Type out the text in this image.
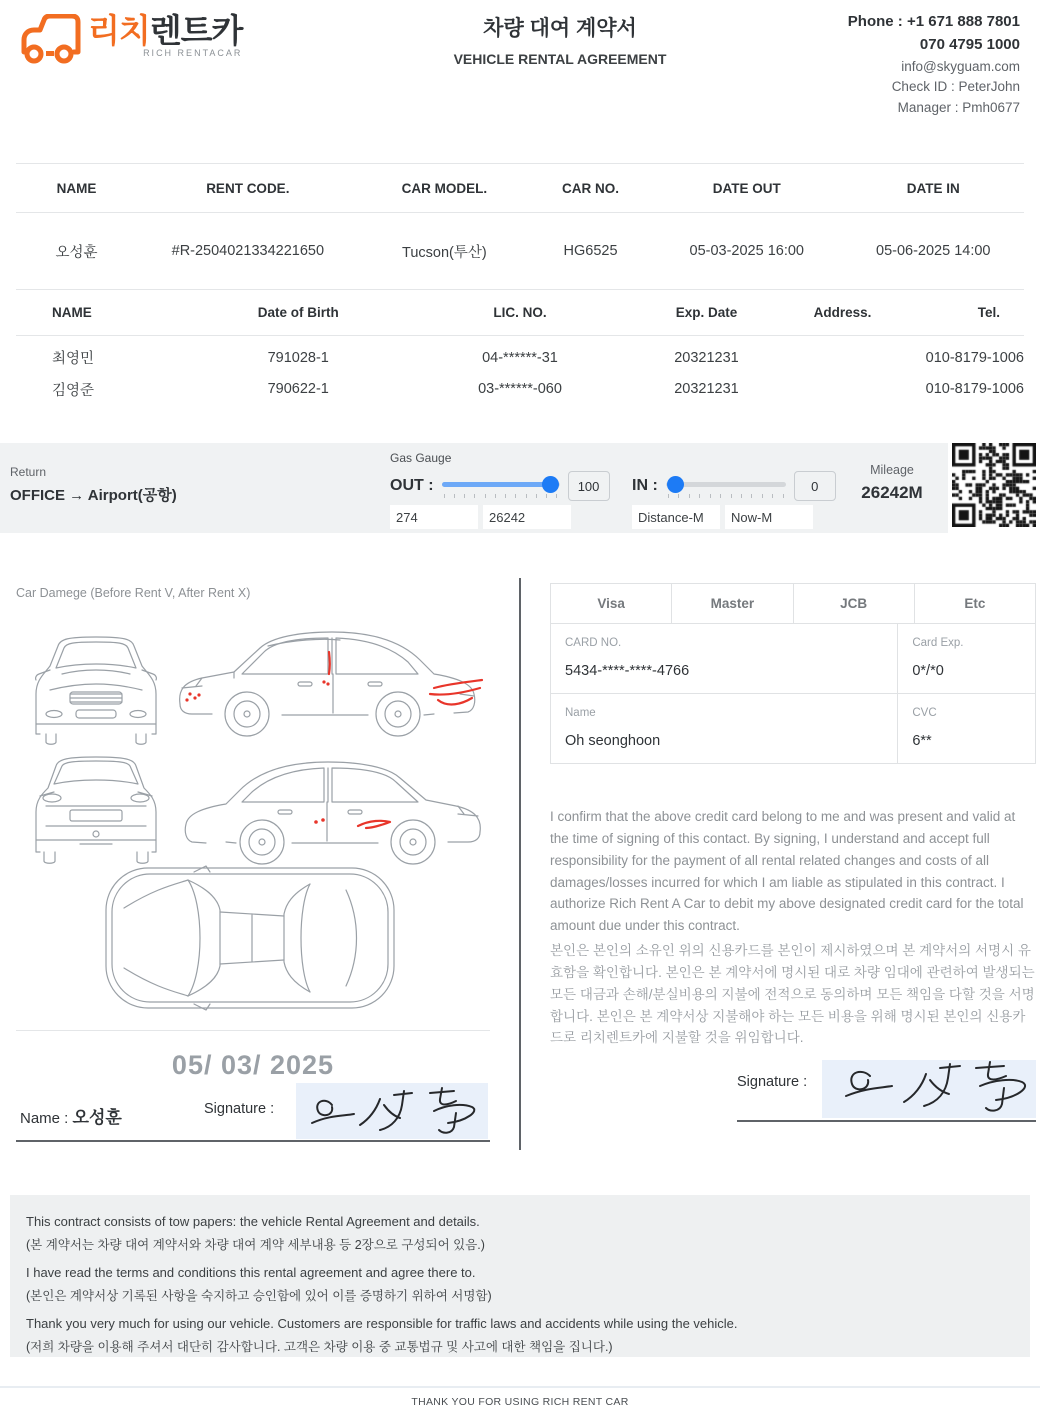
리치렌트카
RICH RENTACAR
차량 대여 계약서
VEHICLE RENTAL AGREEMENT
Phone : +1 671 888 7801
070 4795 1000
info@skyguam.com
Check ID : PeterJohn
Manager : Pmh0677
NAME	RENT CODE.	CAR MODEL.	CAR NO.	DATE OUT	DATE IN
오성훈	#R-2504021334221650	Tucson(투산)	HG6525	05-03-2025 16:00	05-06-2025 14:00
NAME	Date of Birth	LIC. NO.	Exp. Date	Address.	Tel.
최영민	791028-1	04-******-31	20321231		010-8179-1006
김영준	790622-1	03-******-060	20321231		010-8179-1006
Return
OFFICE → Airport(공항)
Gas Gauge
OUT :	100
274
26242	IN :	0
Distance-M
Now-M
Mileage
26242M
Car Damege (Before Rent V, After Rent X)
05/ 03/ 2025
Name : 오성훈	Signature :
Visa	Master	JCB	Etc
CARD NO.
5434-****-****-4766
Card Exp.
0*/*0
Name
Oh seonghoon
CVC
6**

I confirm that the above credit card belong to me and was present and valid at the time of signing of this contact. By signing, I understand and accept full responsibility for the payment of all rental related changes and costs of all damages/losses incurred for which I am liable as stipulated in this contract. I authorize Rich Rent A Car to debit my above designated credit card for the total amount due under this contract.

본인은 본인의 소유인 위의 신용카드를 본인이 제시하였으며 본 계약서의 서명시 유효함을 확인합니다. 본인은 본 계약서에 명시된 대로 차량 임대에 관련하여 발생되는 모든 대금과 손해/분실비용의 지불에 전적으로 동의하며 모든 책임을 다할 것을 서명합니다. 본인은 본 계약서상 지불해야 하는 모든 비용을 위해 명시된 본인의 신용카드로 리치렌트카에 지불할 것을 위임합니다.

Signature :
This contract consists of tow papers: the vehicle Rental Agreement and details.
(본 계약서는 차량 대여 계약서와 차량 대여 계약 세부내용 등 2장으로 구성되어 있음.)
I have read the terms and conditions this rental agreement and agree there to.
(본인은 계약서상 기록된 사항을 숙지하고 승인함에 있어 이를 증명하기 위하여 서명함)
Thank you very much for using our vehicle. Customers are responsible for traffic laws and accidents while using the vehicle.
(저희 차량을 이용해 주셔서 대단히 감사합니다. 고객은 차량 이용 중 교통법규 및 사고에 대한 책임을 집니다.)
THANK YOU FOR USING RICH RENT CAR
